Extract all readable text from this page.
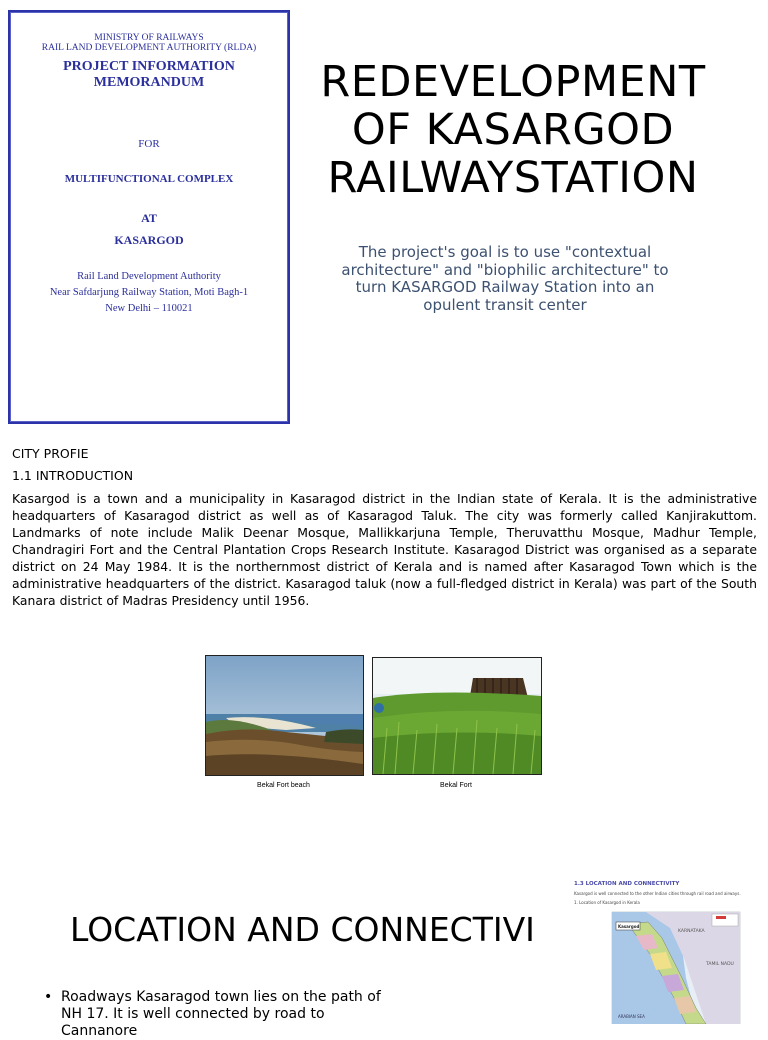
MINISTRY OF RAILWAYS
RAIL LAND DEVELOPMENT AUTHORITY (RLDA)
PROJECT INFORMATION
MEMORANDUM
FOR
MULTIFUNCTIONAL COMPLEX
AT
KASARGOD
Rail Land Development Authority
Near Safdarjung Railway Station, Moti Bagh-1
New Delhi – 110021
REDEVELOPMENT
OF KASARGOD
RAILWAYSTATION
The project's goal is to use "contextual architecture" and "biophilic architecture" to turn KASARGOD Railway Station into an opulent transit center
CITY PROFIE
1.1 INTRODUCTION
Kasargod is a town and a municipality in Kasaragod district in the Indian state of Kerala. It is the administrative headquarters of Kasaragod district as well as of Kasaragod Taluk. The city was formerly called Kanjirakuttom. Landmarks of note include Malik Deenar Mosque, Mallikkarjuna Temple, Theruvatthu Mosque, Madhur Temple, Chandragiri Fort and the Central Plantation Crops Research Institute. Kasaragod District was organised as a separate district on 24 May 1984. It is the northernmost district of Kerala and is named after Kasaragod Town which is the administrative headquarters of the district. Kasaragod taluk (now a full-fledged district in Kerala) was part of the South Kanara district of Madras Presidency until 1956.
Bekal Fort beach	Bekal Fort
LOCATION AND CONNECTIVI
• Roadways Kasaragod town lies on the path of NH 17. It is well connected by road to Cannanore
1.3 LOCATION AND CONNECTIVITY
Kasargod is well connected to the other Indian cities through rail road and airways.
1. Location of Kasargod in Kerala
Kasargod
KARNATAKA
TAMIL NADU
ARABIAN SEA
